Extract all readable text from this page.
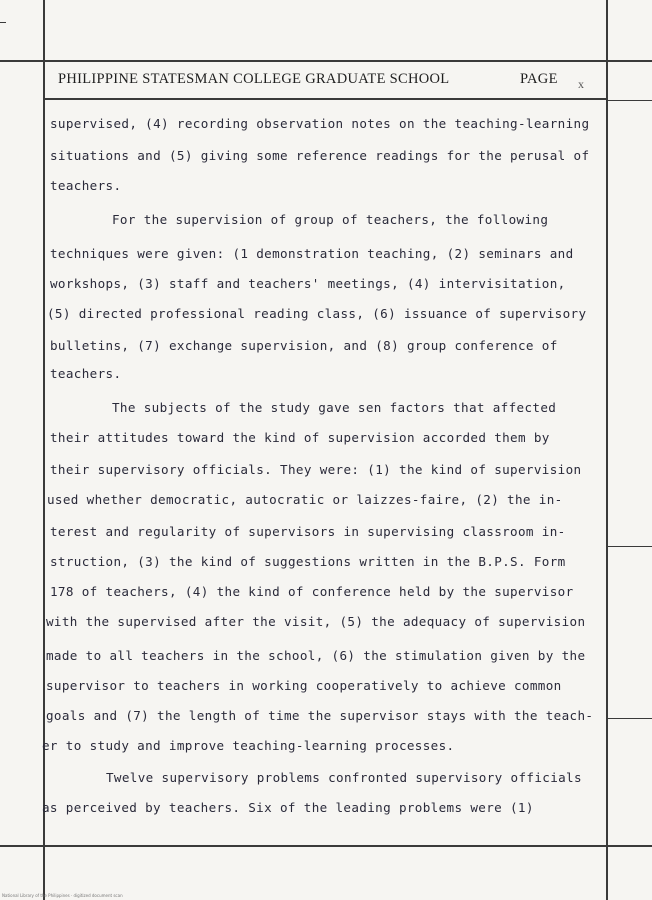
PHILIPPINE STATESMAN COLLEGE GRADUATE SCHOOL	PAGE x
supervised, (4) recording observation notes on the teaching-learning
situations and (5) giving some reference readings for the perusal of
teachers.
For the supervision of group of teachers, the following
techniques were given: (1 demonstration teaching, (2) seminars and
workshops, (3) staff and teachers' meetings, (4) intervisitation,
(5) directed professional reading class, (6) issuance of supervisory
bulletins, (7) exchange supervision, and (8) group conference of
teachers.
The subjects of the study gave sen factors that affected
their attitudes toward the kind of supervision accorded them by
their supervisory officials. They were: (1) the kind of supervision
used whether democratic, autocratic or laizzes-faire, (2) the in-
terest and regularity of supervisors in supervising classroom in-
struction, (3) the kind of suggestions written in the B.P.S. Form
178 of teachers, (4) the kind of conference held by the supervisor
with the supervised after the visit, (5) the adequacy of supervision
made to all teachers in the school, (6) the stimulation given by the
supervisor to teachers in working cooperatively to achieve common
goals and (7) the length of time the supervisor stays with the teach-
er to study and improve teaching-learning processes.
Twelve supervisory problems confronted supervisory officials
as perceived by teachers. Six of the leading problems were (1)
National Library of the Philippines · digitized document scan
